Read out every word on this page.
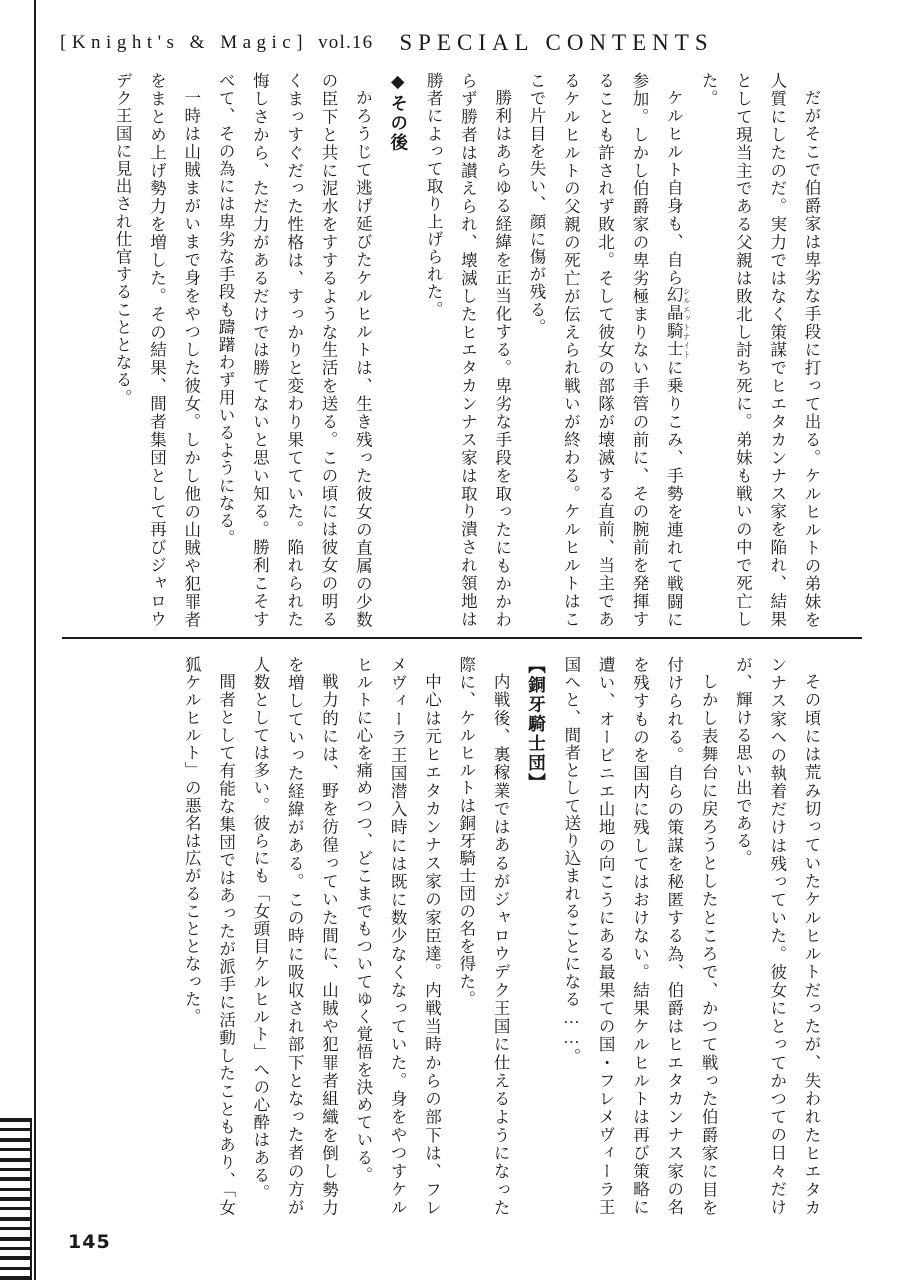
[Knight's & Magic] vol.16 SPECIAL CONTENTS

だがそこで伯爵家は卑劣な手段に打って出る。ケルヒルトの弟妹を人質にしたのだ。実力ではなく策謀でヒエタカンナス家を陥れ、結果として現当主である父親は敗北し討ち死に。弟妹も戦いの中で死亡した。

ケルヒルト自身も、自ら幻晶騎士 シルエットナイトに乗りこみ、手勢を連れて戦闘に参加。しかし伯爵家の卑劣極まりない手管の前に、その腕前を発揮することも許されず敗北。そして彼女の部隊が壊滅する直前、当主であるケルヒルトの父親の死亡が伝えられ戦いが終わる。ケルヒルトはここで片目を失い、顔に傷が残る。

勝利はあらゆる経緯を正当化する。卑劣な手段を取ったにもかかわらず勝者は讃えられ、壊滅したヒエタカンナス家は取り潰され領地は勝者によって取り上げられた。

◆その後

かろうじて逃げ延びたケルヒルトは、生き残った彼女の直属の少数の臣下と共に泥水をすするような生活を送る。この頃には彼女の明るくまっすぐだった性格は、すっかりと変わり果てていた。陥れられた悔しさから、ただ力があるだけでは勝てないと思い知る。勝利こそすべて、その為には卑劣な手段も躊躇わず用いるようになる。

一時は山賊まがいまで身をやつした彼女。しかし他の山賊や犯罪者をまとめ上げ勢力を増した。その結果、間者集団として再びジャロウデク王国に見出され仕官することとなる。

その頃には荒み切っていたケルヒルトだったが、失われたヒエタカンナス家への執着だけは残っていた。彼女にとってかつての日々だけが、輝ける思い出である。

しかし表舞台に戻ろうとしたところで、かつて戦った伯爵家に目を付けられる。自らの策謀を秘匿する為、伯爵はヒエタカンナス家の名を残すものを国内に残してはおけない。結果ケルヒルトは再び策略に遭い、オービニエ山地の向こうにある最果ての国・フレメヴィーラ王国へと、間者として送り込まれることになる……。

【銅牙騎士団】

内戦後、裏稼業ではあるがジャロウデク王国に仕えるようになった際に、ケルヒルトは銅牙騎士団の名を得た。

中心は元ヒエタカンナス家の家臣達。内戦当時からの部下は、フレメヴィーラ王国潜入時には既に数少なくなっていた。身をやつすケルヒルトに心を痛めつつ、どこまでもついてゆく覚悟を決めている。

戦力的には、野を彷徨っていた間に、山賊や犯罪者組織を倒し勢力を増していった経緯がある。この時に吸収され部下となった者の方が人数としては多い。彼らにも「女頭目ケルヒルト」への心酔はある。

間者として有能な集団ではあったが派手に活動したこともあり、「女狐ケルヒルト」の悪名は広がることとなった。

145
